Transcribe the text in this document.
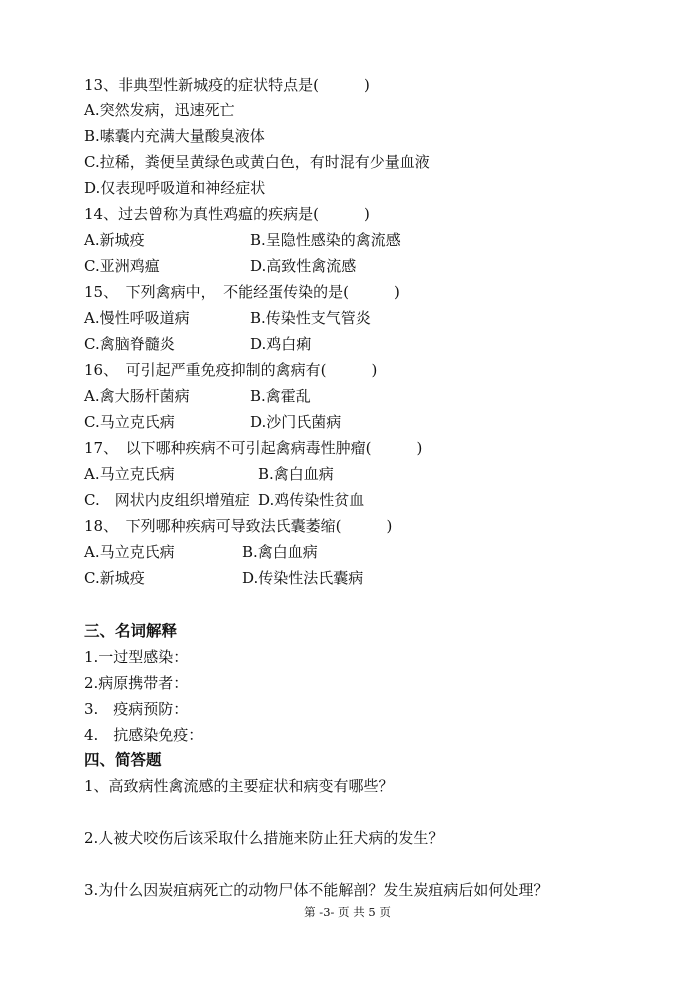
13、非典型性新城疫的症状特点是(　　　)
A.突然发病，迅速死亡
B.嗉囊内充满大量酸臭液体
C.拉稀，粪便呈黄绿色或黄白色，有时混有少量血液
D.仅表现呼吸道和神经症状
14、过去曾称为真性鸡瘟的疾病是(　　　)
A.新城疫	B.呈隐性感染的禽流感
C.亚洲鸡瘟	D.高致性禽流感
15、　下列禽病中，　不能经蛋传染的是(　　　)
A.慢性呼吸道病	B.传染性支气管炎
C.禽脑脊髓炎	D.鸡白痢
16、　可引起严重免疫抑制的禽病有(　　　)
A.禽大肠杆菌病	B.禽霍乱
C.马立克氏病	D.沙门氏菌病
17、　以下哪种疾病不可引起禽病毒性肿瘤(　　　)
A.马立克氏病	B.禽白血病
C.　网状内皮组织增殖症 D.鸡传染性贫血
18、　下列哪种疾病可导致法氏囊萎缩(　　　)
A.马立克氏病	B.禽白血病
C.新城疫	D.传染性法氏囊病
三、名词解释
1.一过型感染：
2.病原携带者：
3.　疫病预防：
4.　抗感染免疫：
四、简答题
1、高致病性禽流感的主要症状和病变有哪些？
2.人被犬咬伤后该采取什么措施来防止狂犬病的发生？
3.为什么因炭疽病死亡的动物尸体不能解剖？发生炭疽病后如何处理？
第 -3- 页 共 5 页
